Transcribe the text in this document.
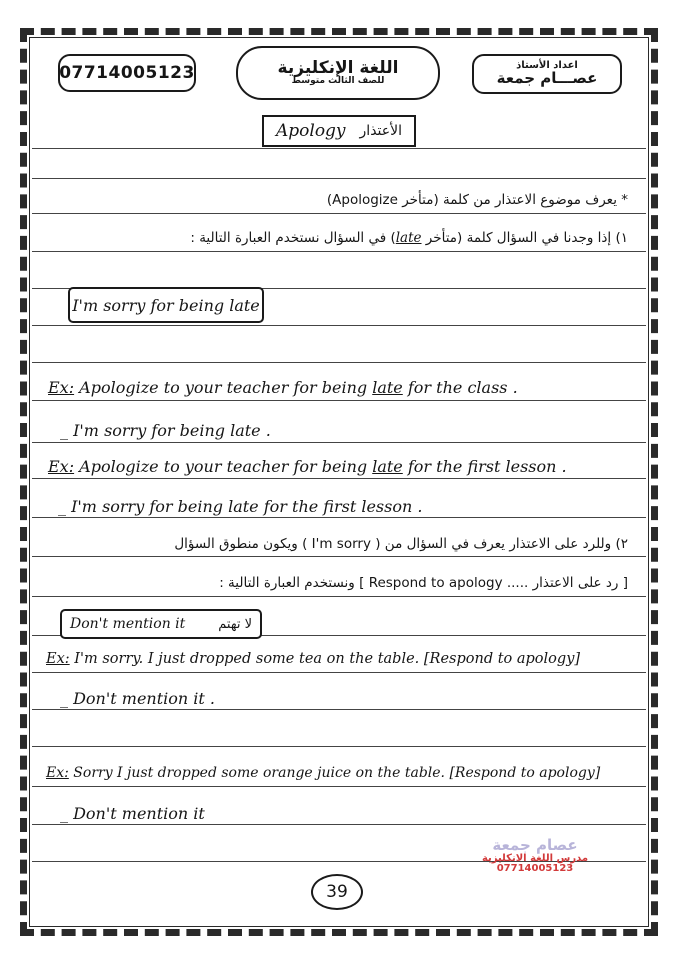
07714005123	اللغة الإنكليزية
للصف الثالث متوسط
اعداد الأستاذ
عصـــام جمعة
Apology الأعتذار
* يعرف موضوع الاعتذار من كلمة (متأخر Apologize)
١) إذا وجدنا في السؤال كلمة (متأخر late) في السؤال نستخدم العبارة التالية :
I'm sorry for being late
Ex: Apologize to your teacher for being late for the class .
_ I'm sorry for being late .
Ex: Apologize to your teacher for being late for the first lesson .
_ I'm sorry for being late for the first lesson .
٢) وللرد على الاعتذار يعرف في السؤال من ( I'm sorry ) ويكون منطوق السؤال
[ رد على الاعتذار ..... Respond to apology ] ونستخدم العبارة التالية :
Don't mention it	لا تهتم
Ex: I'm sorry. I just dropped some tea on the table. [Respond to apology]
_ Don't mention it .
Ex: Sorry I just dropped some orange juice on the table. [Respond to apology]
_ Don't mention it
عصام جمعة
مدرس اللغة الانكليزية
07714005123
39
